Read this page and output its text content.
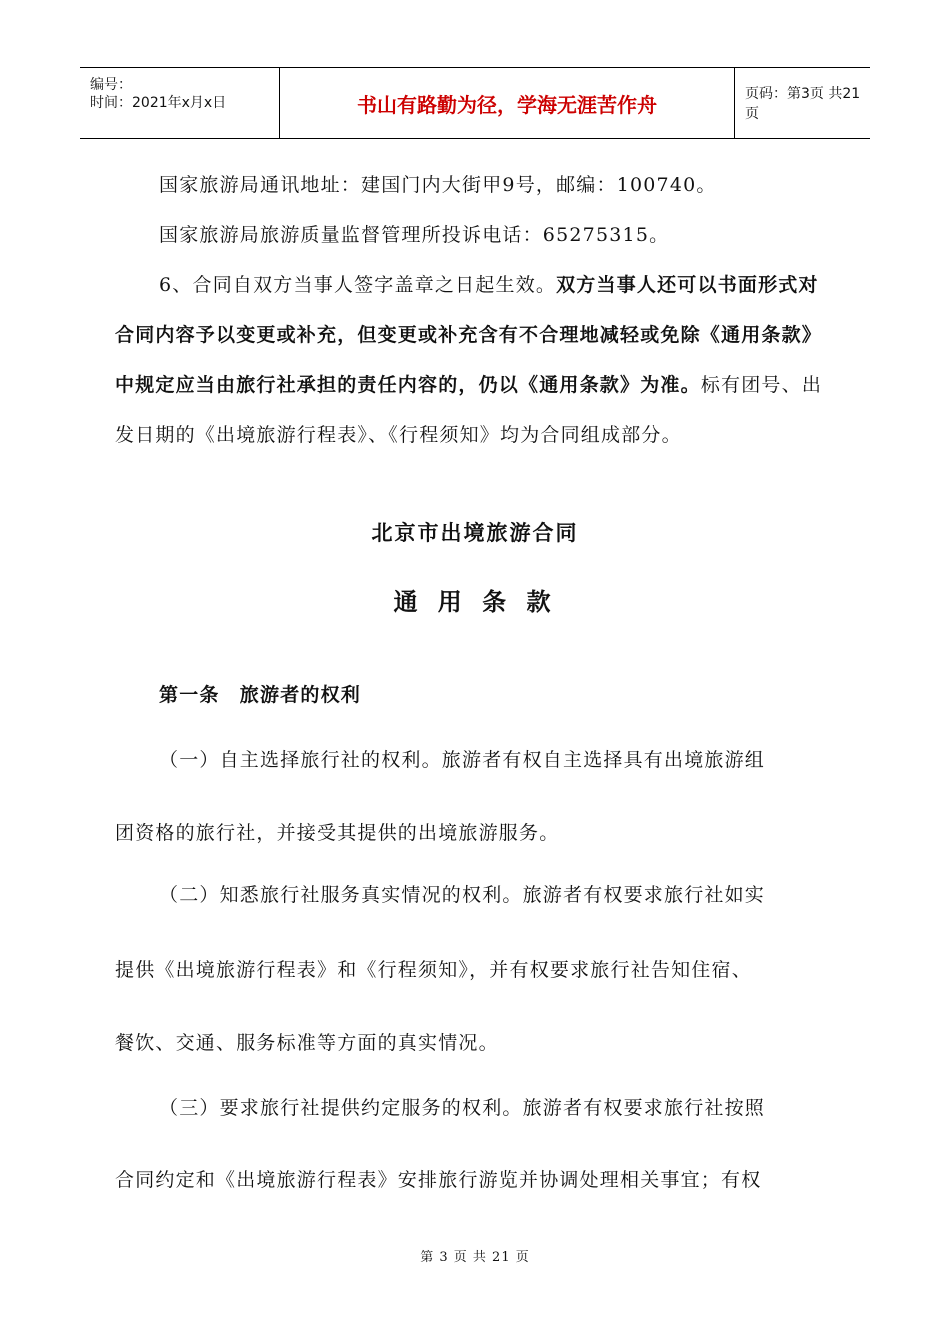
编号：
时间：2021年x月x日	书山有路勤为径，学海无涯苦作舟	页码：第3页 共21页

国家旅游局通讯地址：建国门内大街甲9号，邮编：100740。

国家旅游局旅游质量监督管理所投诉电话：65275315。

6、合同自双方当事人签字盖章之日起生效。双方当事人还可以书面形式对合同内容予以变更或补充，但变更或补充含有不合理地减轻或免除《通用条款》中规定应当由旅行社承担的责任内容的，仍以《通用条款》为准。标有团号、出发日期的《出境旅游行程表》、《行程须知》均为合同组成部分。

北京市出境旅游合同
通 用 条 款

第一条　旅游者的权利

（一）自主选择旅行社的权利。旅游者有权自主选择具有出境旅游组

团资格的旅行社，并接受其提供的出境旅游服务。

（二）知悉旅行社服务真实情况的权利。旅游者有权要求旅行社如实

提供《出境旅游行程表》和《行程须知》，并有权要求旅行社告知住宿、

餐饮、交通、服务标准等方面的真实情况。

（三）要求旅行社提供约定服务的权利。旅游者有权要求旅行社按照

合同约定和《出境旅游行程表》安排旅行游览并协调处理相关事宜；有权

第 3 页 共 21 页
